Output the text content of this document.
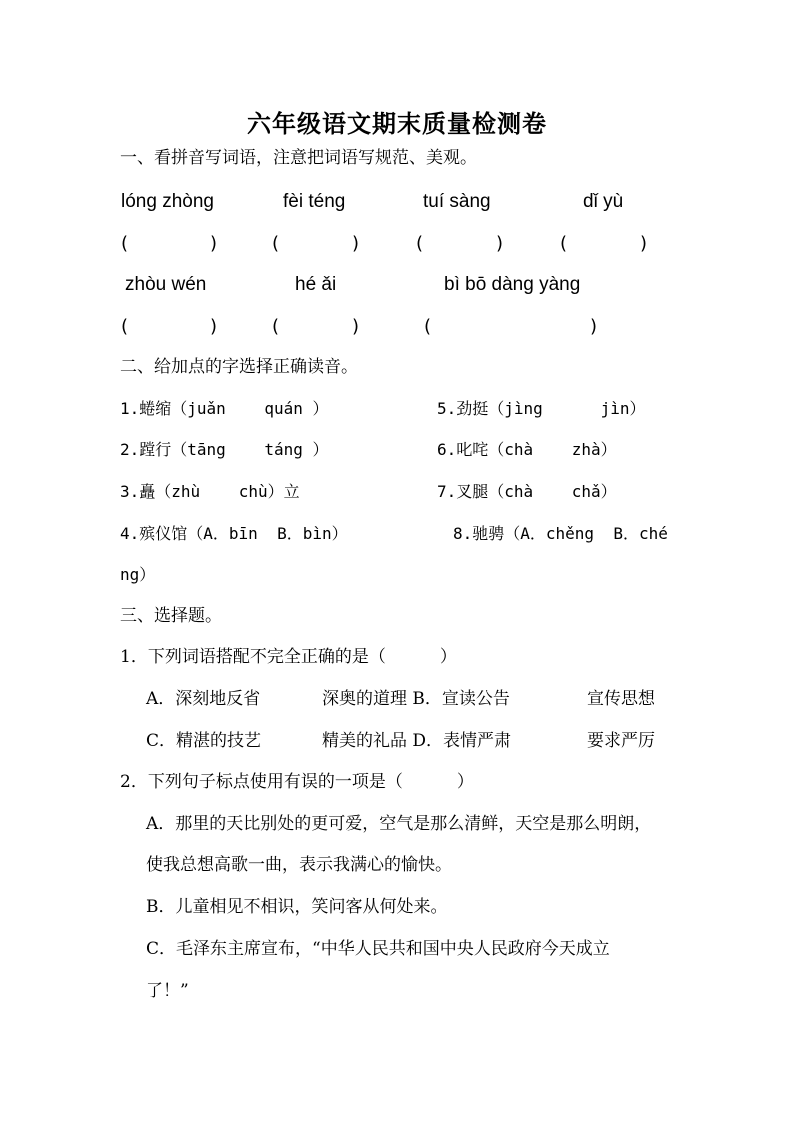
六年级语文期末质量检测卷
一、看拼音写词语，注意把词语写规范、美观。
lóng zhòng	fèi téng	tuí sàng	dǐ yù
(	)	(	)	(	)	(	)
zhòu wén	hé ǎi	bì bō dàng yàng
(	)	(	)	(	)
二、给加点的字选择正确读音。
1.蜷缩（juǎn    quán ）	5.劲挺（jìng      jìn）
2.蹚行（tāng    táng ）	6.叱咤（chà    zhà）
3.矗（zhù    chù）立	7.叉腿（chà    chǎ）
4.殡仪馆（A．bīn  B．bìn）	8.驰骋（A．chěng  B．ché
ng）
三、选择题。
1．下列词语搭配不完全正确的是（          ）
A．深刻地反省	深奥的道理 B．宣读公告	宣传思想
C．精湛的技艺	精美的礼品 D．表情严肃	要求严厉
2．下列句子标点使用有误的一项是（          ）
A．那里的天比别处的更可爱，空气是那么清鲜，天空是那么明朗，
使我总想高歌一曲，表示我满心的愉快。
B．儿童相见不相识，笑问客从何处来。
C．毛泽东主席宣布，“中华人民共和国中央人民政府今天成立
了！”
